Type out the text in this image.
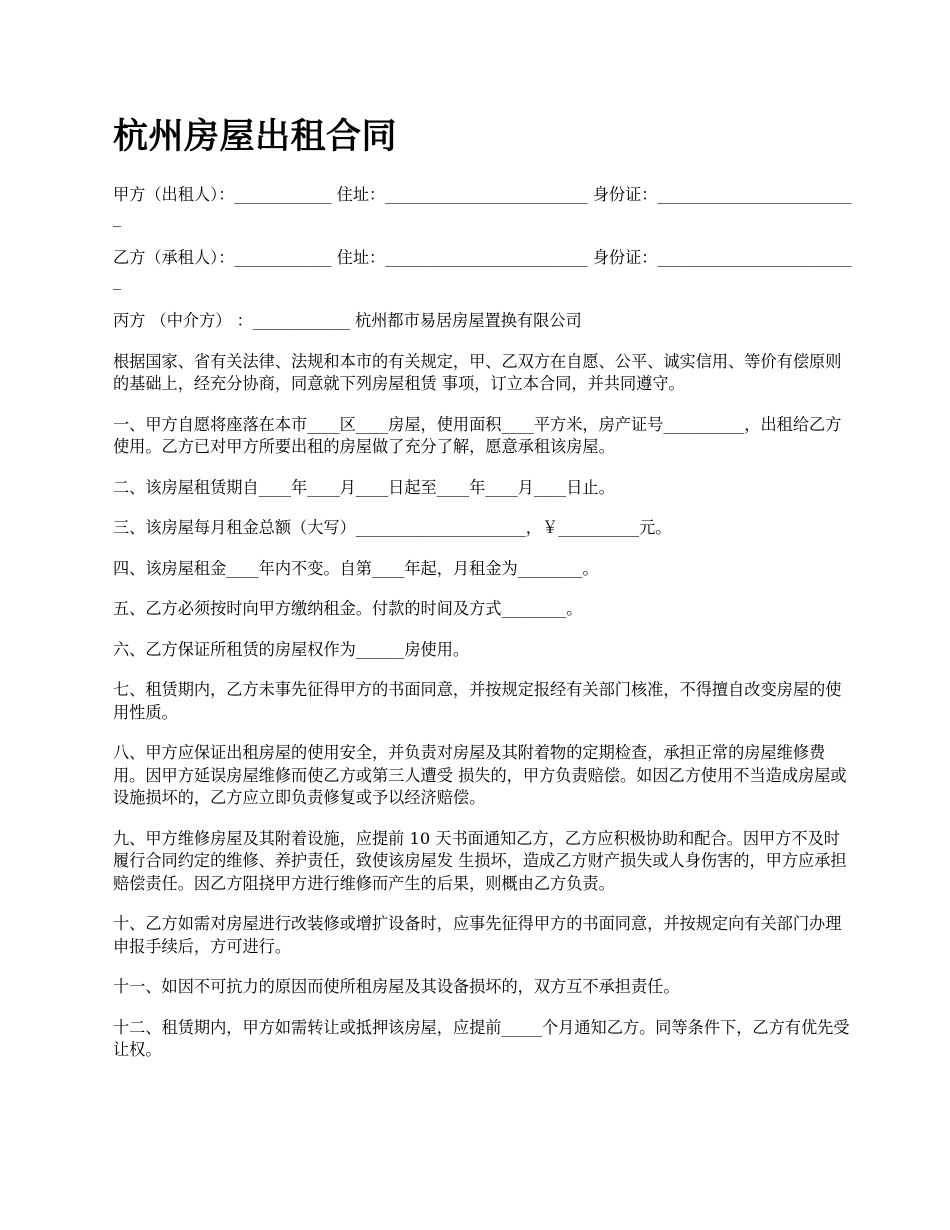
杭州房屋出租合同

甲方（出租人）：____________ 住址：_________________________ 身份证：_________________________

乙方（承租人）：____________ 住址：_________________________ 身份证：_________________________

丙方 （中介方） ：____________ 杭州都市易居房屋置换有限公司

根据国家、省有关法律、法规和本市的有关规定，甲、乙双方在自愿、公平、诚实信用、等价有偿原则的基础上，经充分协商，同意就下列房屋租赁 事项，订立本合同，并共同遵守。

一、甲方自愿将座落在本市____区____房屋，使用面积____平方米，房产证号__________，出租给乙方使用。乙方已对甲方所要出租的房屋做了充分了解，愿意承租该房屋。

二、该房屋租赁期自____年____月____日起至____年____月____日止。

三、该房屋每月租金总额（大写）_____________________，￥__________元。

四、该房屋租金____年内不变。自第____年起，月租金为________。

五、乙方必须按时向甲方缴纳租金。付款的时间及方式________。

六、乙方保证所租赁的房屋权作为______房使用。

七、租赁期内，乙方未事先征得甲方的书面同意，并按规定报经有关部门核准，不得擅自改变房屋的使用性质。

八、甲方应保证出租房屋的使用安全，并负责对房屋及其附着物的定期检查，承担正常的房屋维修费用。因甲方延误房屋维修而使乙方或第三人遭受 损失的，甲方负责赔偿。如因乙方使用不当造成房屋或设施损坏的，乙方应立即负责修复或予以经济赔偿。

九、甲方维修房屋及其附着设施，应提前 10 天书面通知乙方，乙方应积极协助和配合。因甲方不及时履行合同约定的维修、养护责任，致使该房屋发 生损坏，造成乙方财产损失或人身伤害的，甲方应承担赔偿责任。因乙方阻挠甲方进行维修而产生的后果，则概由乙方负责。

十、乙方如需对房屋进行改装修或增扩设备时，应事先征得甲方的书面同意，并按规定向有关部门办理申报手续后，方可进行。

十一、如因不可抗力的原因而使所租房屋及其设备损坏的，双方互不承担责任。

十二、租赁期内，甲方如需转让或抵押该房屋，应提前_____个月通知乙方。同等条件下，乙方有优先受让权。
